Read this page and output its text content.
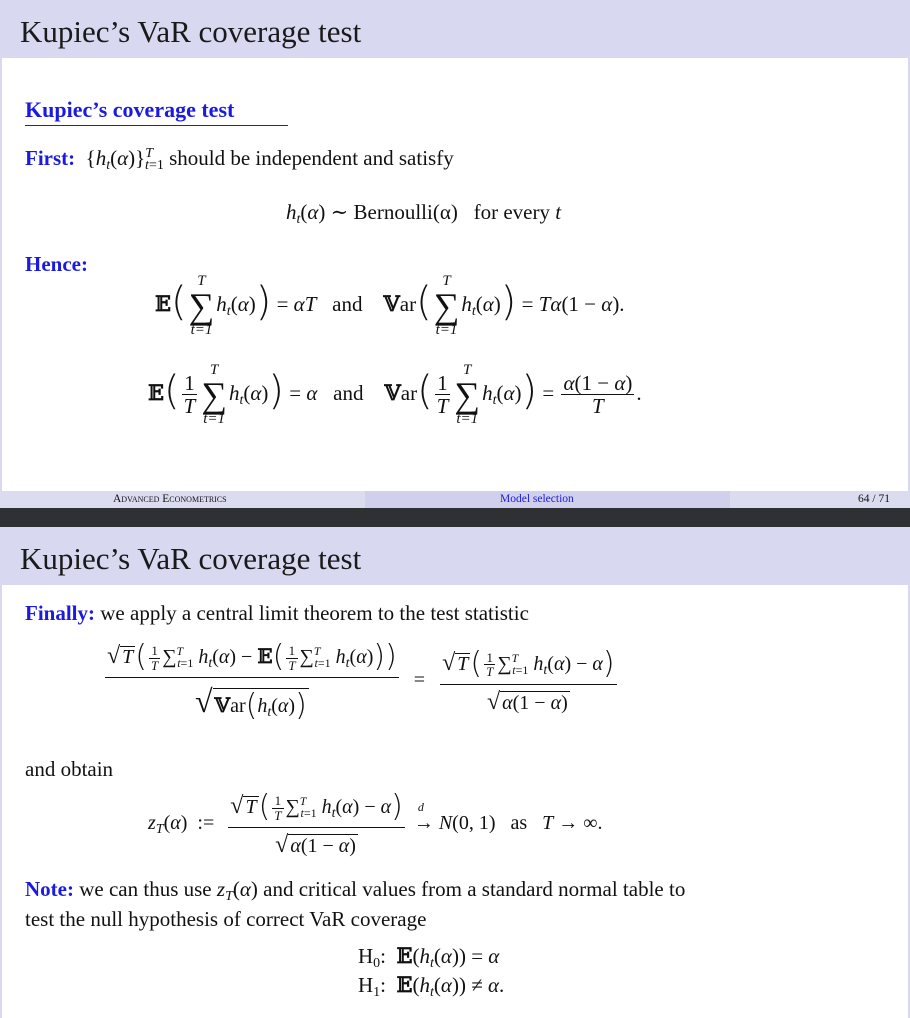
Kupiec’s VaR coverage test
Kupiec’s coverage test
First:  $\{h_t(\alpha)\}^T_{t=1}$ should be independent and satisfy
$h_t(\alpha)$ ∼ Bernoulli(α) for every t
Hence:
𝔼( T
∑
t=1
$h_t(\alpha)) = \alpha T$ and 𝕍ar( T
∑
t=1
$h_t(\alpha)) = T\alpha(1 - \alpha)$.
𝔼( $\frac{1}{T}$
T
∑
t=1
$h_t(\alpha)) = \alpha$ and 𝕍ar( $\frac{1}{T}$
T
∑
t=1
$h_t(\alpha)) = \frac{\alpha(1 - \alpha)}{T}$ .
Advanced Econometrics	Model selection	64 / 71
Kupiec’s VaR coverage test
Finally: we apply a central limit theorem to the test statistic
$\frac{√ T( \frac{1}{T} \sum^T_{t=1} h_t(\alpha) - 𝔼( \frac{1}{T} \sum^T_{t=1} h_t(\alpha)))}{√ 𝕍ar(h_t(\alpha))} = \frac{√ T( \frac{1}{T} \sum^T_{t=1} h_t(\alpha) - \alpha)}{√ \alpha(1 - \alpha)}$
and obtain
$z_T(\alpha)$  := $\frac{√ T( \frac{1}{T} \sum^T_{t=1} h_t(\alpha) - \alpha)}{√ \alpha(1 - \alpha)}$
d
→ N(0, 1)   as T → ∞.
Note: we can thus use $z_T(\alpha)$ and critical values from a standard normal table to
test the null hypothesis of correct VaR coverage
$H_0$:  $𝔼(h_t(\alpha)) = \alpha$
$H_1$:  $𝔼(h_t(\alpha)) \ne \alpha$.
